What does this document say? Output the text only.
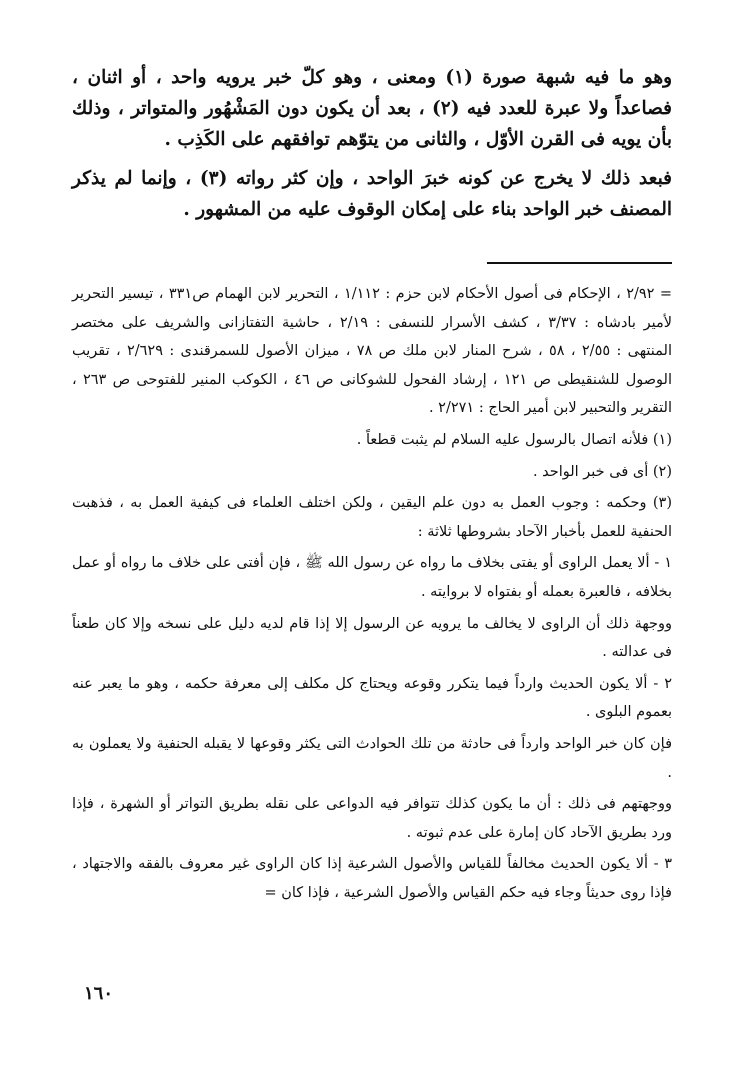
وهو ما فيه شبهة صورة (١) ومعنى ، وهو كلّ خبر يرويه واحد ، أو اثنان ، فصاعداً ولا عبرة للعدد فيه (٢) ، بعد أن يكون دون المَشْهُور والمتواتر ، وذلك بأن يويه فى القرن الأوّل ، والثانى من يتوّهم توافقهم على الكَذِب .

فبعد ذلك لا يخرج عن كونه خبرَ الواحد ، وإن كثر رواته (٣) ، وإنما لم يذكر المصنف خبر الواحد بناء على إمكان الوقوف عليه من المشهور .

= ٢/٩٢ ، الإحكام فى أصول الأحكام لابن حزم : ١/١١٢ ، التحرير لابن الهمام ص٣٣١ ، تيسير التحرير لأمير بادشاه : ٣/٣٧ ، كشف الأسرار للنسفى : ٢/١٩ ، حاشية التفتازانى والشريف على مختصر المنتهى : ٢/٥٥ ، ٥٨ ، شرح المنار لابن ملك ص ٧٨ ، ميزان الأصول للسمرقندى : ٢/٦٢٩ ، تقريب الوصول للشنقيطى ص ١٢١ ، إرشاد الفحول للشوكانى ص ٤٦ ، الكوكب المنير للفتوحى ص ٢٦٣ ، التقرير والتحبير لابن أمير الحاج : ٢/٢٧١ .

(١) فلأنه اتصال بالرسول عليه السلام لم يثبت قطعاً .

(٢) أى فى خبر الواحد .

(٣) وحكمه : وجوب العمل به دون علم اليقين ، ولكن اختلف العلماء فى كيفية العمل به ، فذهبت الحنفية للعمل بأخبار الآحاد بشروطها ثلاثة :

١ - ألا يعمل الراوى أو يفتى بخلاف ما رواه عن رسول الله ﷺ ، فإن أفتى على خلاف ما رواه أو عمل بخلافه ، فالعبرة بعمله أو بفتواه لا بروايته .

ووجهة ذلك أن الراوى لا يخالف ما يرويه عن الرسول إلا إذا قام لديه دليل على نسخه وإلا كان طعناً فى عدالته .

٢ - ألا يكون الحديث وارداً فيما يتكرر وقوعه ويحتاج كل مكلف إلى معرفة حكمه ، وهو ما يعبر عنه بعموم البلوى .

فإن كان خبر الواحد وارداً فى حادثة من تلك الحوادث التى يكثر وقوعها لا يقبله الحنفية ولا يعملون به .

ووجهتهم فى ذلك : أن ما يكون كذلك تتوافر فيه الدواعى على نقله بطريق التواتر أو الشهرة ، فإذا ورد بطريق الآحاد كان إمارة على عدم ثبوته .

٣ - ألا يكون الحديث مخالفاً للقياس والأصول الشرعية إذا كان الراوى غير معروف بالفقه والاجتهاد ، فإذا روى حديثاً وجاء فيه حكم القياس والأصول الشرعية ، فإذا كان =

١٦٠
